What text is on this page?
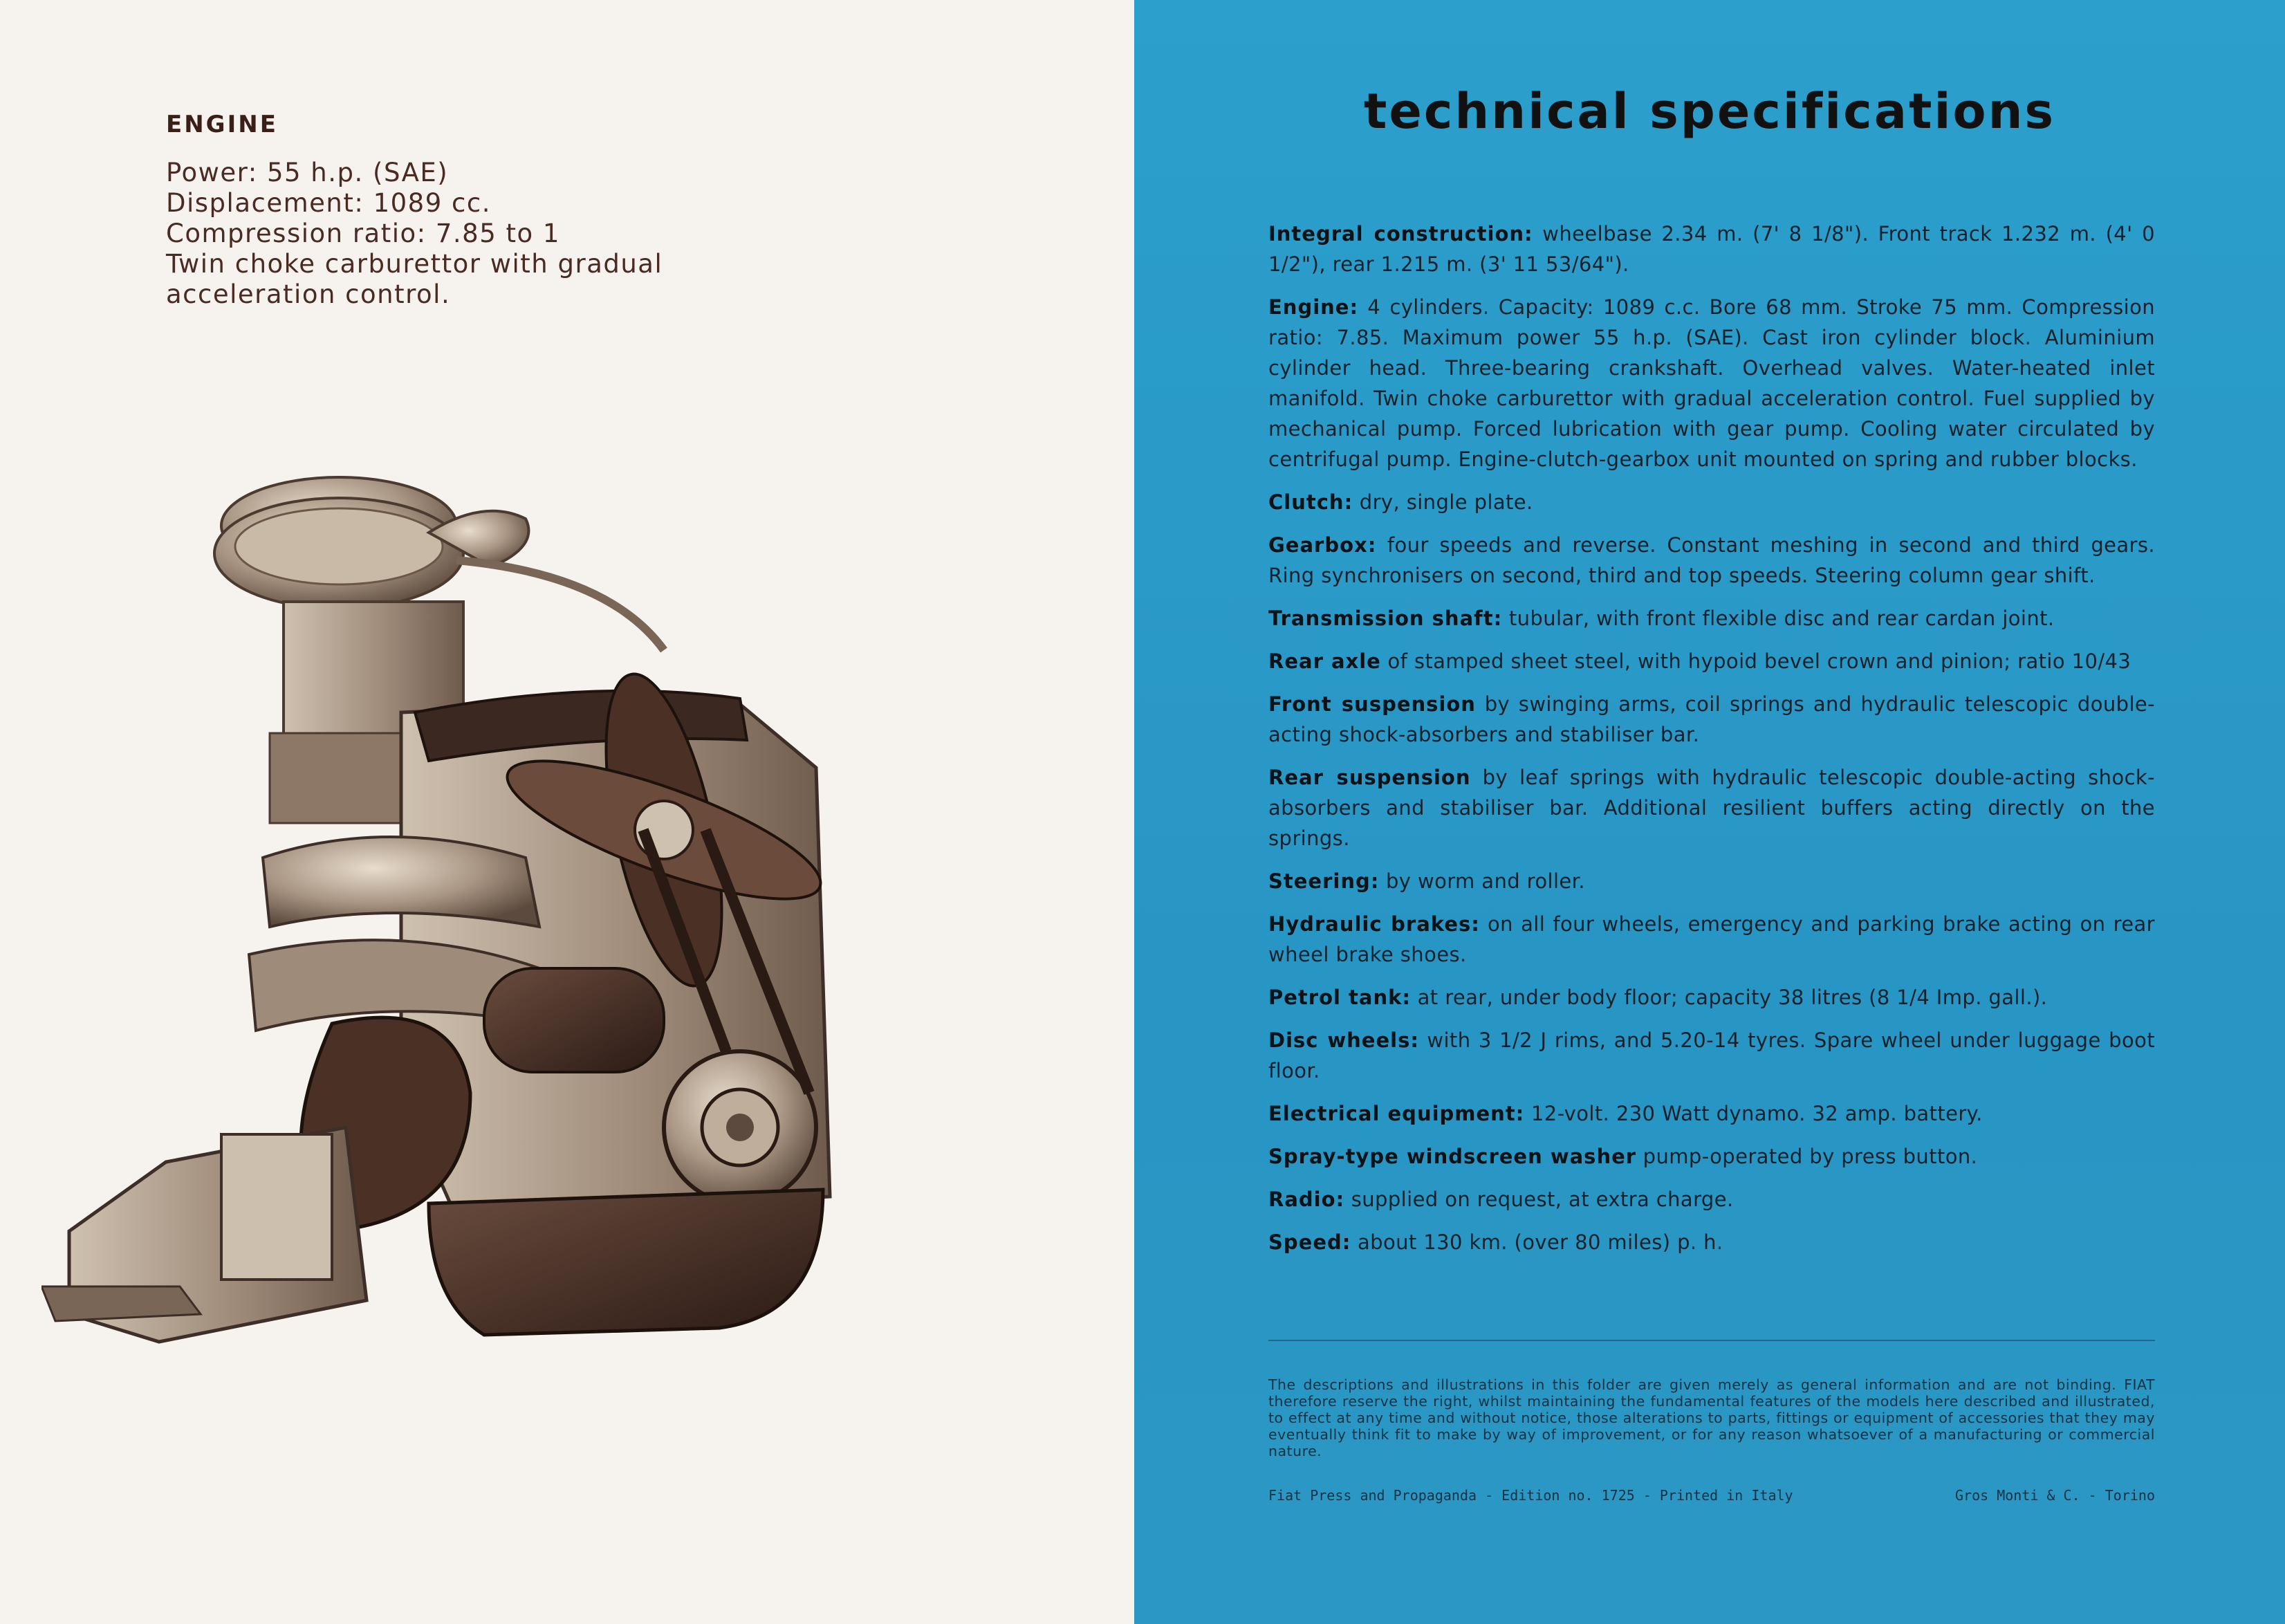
ENGINE
Power: 55 h.p. (SAE)
Displacement: 1089 cc.
Compression ratio: 7.85 to 1
Twin choke carburettor with gradual
acceleration control.
technical specifications

Integral construction: wheelbase 2.34 m. (7' 8 1/8"). Front track 1.232 m. (4' 0 1/2"), rear 1.215 m. (3' 11 53/64").

Engine: 4 cylinders. Capacity: 1089 c.c. Bore 68 mm. Stroke 75 mm. Compression ratio: 7.85. Maximum power 55 h.p. (SAE). Cast iron cylinder block. Aluminium cylinder head. Three-bearing crankshaft. Overhead valves. Water-heated inlet manifold. Twin choke carburettor with gradual acceleration control. Fuel supplied by mechanical pump. Forced lubrication with gear pump. Cooling water circulated by centrifugal pump. Engine-clutch-gearbox unit mounted on spring and rubber blocks.

Clutch: dry, single plate.

Gearbox: four speeds and reverse. Constant meshing in second and third gears. Ring synchronisers on second, third and top speeds. Steering column gear shift.

Transmission shaft: tubular, with front flexible disc and rear cardan joint.

Rear axle of stamped sheet steel, with hypoid bevel crown and pinion; ratio 10/43

Front suspension by swinging arms, coil springs and hydraulic telescopic double-acting shock-absorbers and stabiliser bar.

Rear suspension by leaf springs with hydraulic telescopic double-acting shock-absorbers and stabiliser bar. Additional resilient buffers acting directly on the springs.

Steering: by worm and roller.

Hydraulic brakes: on all four wheels, emergency and parking brake acting on rear wheel brake shoes.

Petrol tank: at rear, under body floor; capacity 38 litres (8 1/4 Imp. gall.).

Disc wheels: with 3 1/2 J rims, and 5.20-14 tyres. Spare wheel under luggage boot floor.

Electrical equipment: 12-volt. 230 Watt dynamo. 32 amp. battery.

Spray-type windscreen washer pump-operated by press button.

Radio: supplied on request, at extra charge.

Speed: about 130 km. (over 80 miles) p. h.

The descriptions and illustrations in this folder are given merely as general information and are not binding. FIAT therefore reserve the right, whilst maintaining the fundamental features of the models here described and illustrated, to effect at any time and without notice, those alterations to parts, fittings or equipment of accessories that they may eventually think fit to make by way of improvement, or for any reason whatsoever of a manufacturing or commercial nature.
Fiat Press and Propaganda - Edition no. 1725 - Printed in Italy	Gros Monti & C. - Torino
